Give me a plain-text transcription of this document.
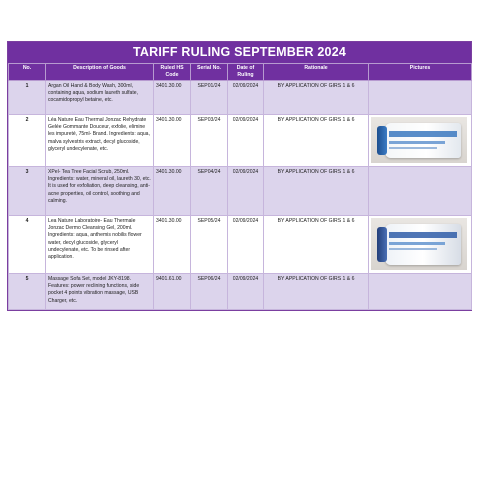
TARIFF RULING SEPTEMBER 2024
No.	Description of Goods	Ruled HS Code	Serial No.	Date of Ruling	Rationale	Pictures
1	Argan Oil Hand & Body Wash, 300ml, containing aqua, sodium laureth sulfate, cocamidopropyl betaine, etc.	3401.30.00	SEP01/24	02/09/2024	BY APPLICATION OF GIRS 1 & 6	
2	Léa Nature Eau Thermal Jonzac Rehydrate Gelée Gommante Douceur, exfolie, elimine les impureté, 75ml- Brand. Ingredients: aqua, malva sylvestris extract, decyl glucoside, glyceryl undecylenate, etc.	3401.30.00	SEP03/24	02/09/2024	BY APPLICATION OF GIRS 1 & 6	

3	XPel- Tea Tree Facial Scrub, 250ml. Ingredients: water, mineral oil, laureth 30, etc. It is used for exfoliation, deep cleansing, anti-acne properties, oil control, soothing and calming.	3401.30.00	SEP04/24	02/09/2024	BY APPLICATION OF GIRS 1 & 6	
4	Lea Nature Laboratoire- Eau Thermale Jonzac Dermo Cleansing Gel, 200ml. Ingredients: aqua, anthemis nobilis flower water, decyl glucoside, glyceryl undecylenate, etc. To be rinsed after application.	3401.30.00	SEP05/24	02/09/2024	BY APPLICATION OF GIRS 1 & 6	

5	Massage Sofa Set, model JKY-8198. Features: power reclining functions, side pocket 4 points vibration massage, USB Charger, etc.	9401.61.00	SEP06/24	02/09/2024	BY APPLICATION OF GIRS 1 & 6	
